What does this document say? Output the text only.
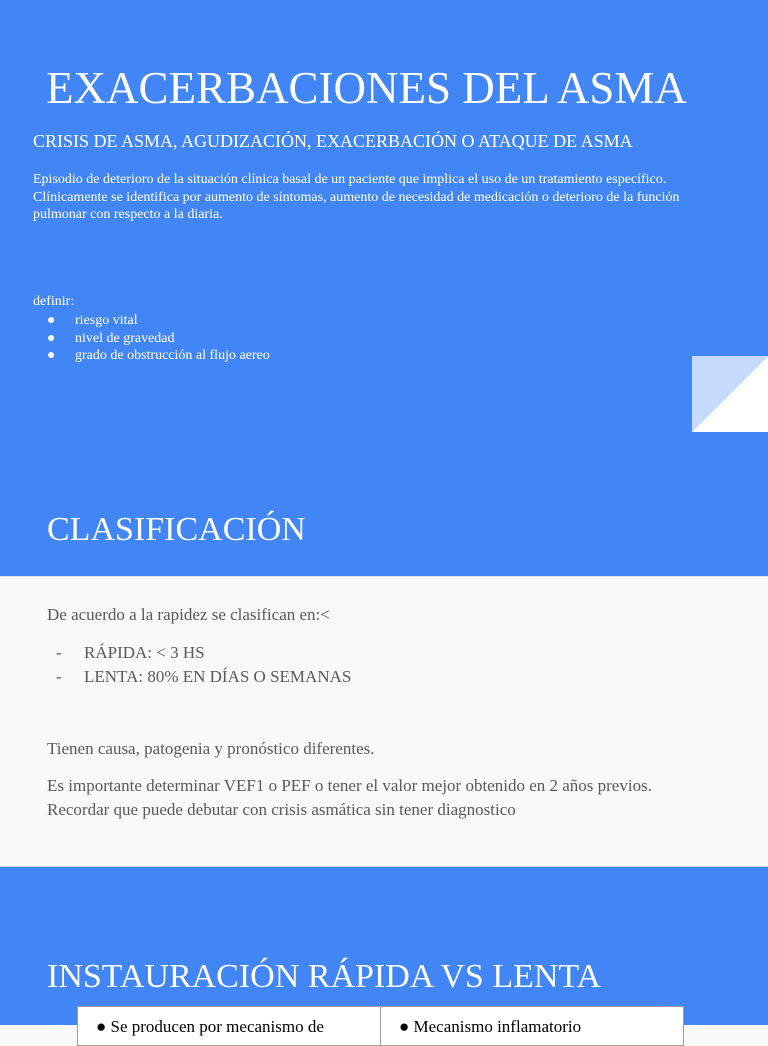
EXACERBACIONES DEL ASMA
CRISIS DE ASMA, AGUDIZACIÓN, EXACERBACIÓN O ATAQUE DE ASMA

Episodio de deterioro de la situación clínica basal de un paciente que implica el uso de un tratamiento específico.

Clínicamente se identifica por aumento de síntomas, aumento de necesidad de medicación o deterioro de la función pulmonar con respecto a la diaria.

definir:
●	riesgo vital
●	nivel de gravedad
●	grado de obstrucción al flujo aereo
CLASIFICACIÓN
De acuerdo a la rapidez se clasifican en:<
-	RÁPIDA: < 3 HS
-	LENTA: 80% EN DÍAS O SEMANAS
Tienen causa, patogenia y pronóstico diferentes.
Es importante determinar VEF1 o PEF o tener el valor mejor obtenido en 2 años previos.
Recordar que puede debutar con crisis asmática sin tener diagnostico
INSTAURACIÓN RÁPIDA VS LENTA
● Se producen por mecanismo de	● Mecanismo inflamatorio
